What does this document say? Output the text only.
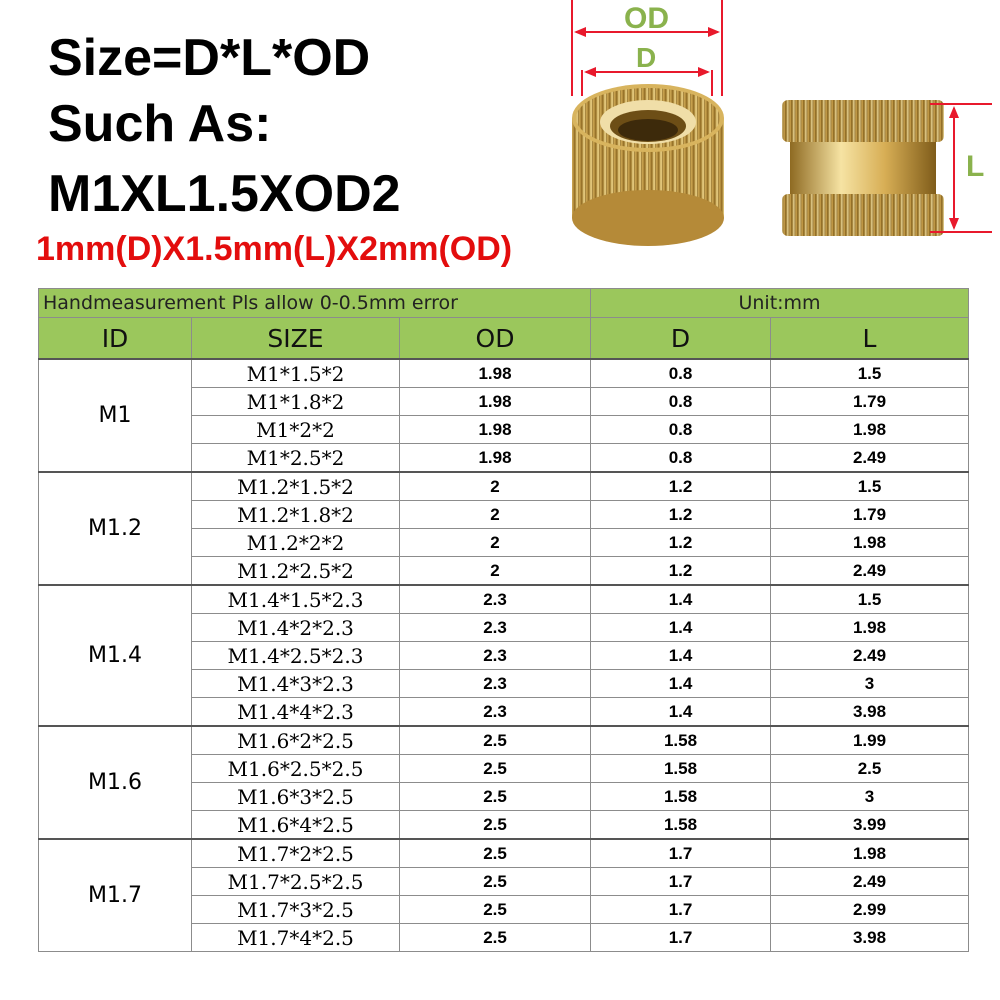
Size=D*L*OD
Such As:
M1XL1.5XOD2
1mm(D)X1.5mm(L)X2mm(OD)
OD
D
L
Handmeasurement Pls allow 0-0.5mm error			Unit:mm	
ID	SIZE	OD	D	L
M1	M1*1.5*2	1.98	0.8	1.5
	M1*1.8*2	1.98	0.8	1.79
	M1*2*2	1.98	0.8	1.98
	M1*2.5*2	1.98	0.8	2.49
M1.2	M1.2*1.5*2	2	1.2	1.5
	M1.2*1.8*2	2	1.2	1.79
	M1.2*2*2	2	1.2	1.98
	M1.2*2.5*2	2	1.2	2.49
M1.4	M1.4*1.5*2.3	2.3	1.4	1.5
	M1.4*2*2.3	2.3	1.4	1.98
	M1.4*2.5*2.3	2.3	1.4	2.49
	M1.4*3*2.3	2.3	1.4	3
	M1.4*4*2.3	2.3	1.4	3.98
M1.6	M1.6*2*2.5	2.5	1.58	1.99
	M1.6*2.5*2.5	2.5	1.58	2.5
	M1.6*3*2.5	2.5	1.58	3
	M1.6*4*2.5	2.5	1.58	3.99
M1.7	M1.7*2*2.5	2.5	1.7	1.98
	M1.7*2.5*2.5	2.5	1.7	2.49
	M1.7*3*2.5	2.5	1.7	2.99
	M1.7*4*2.5	2.5	1.7	3.98
